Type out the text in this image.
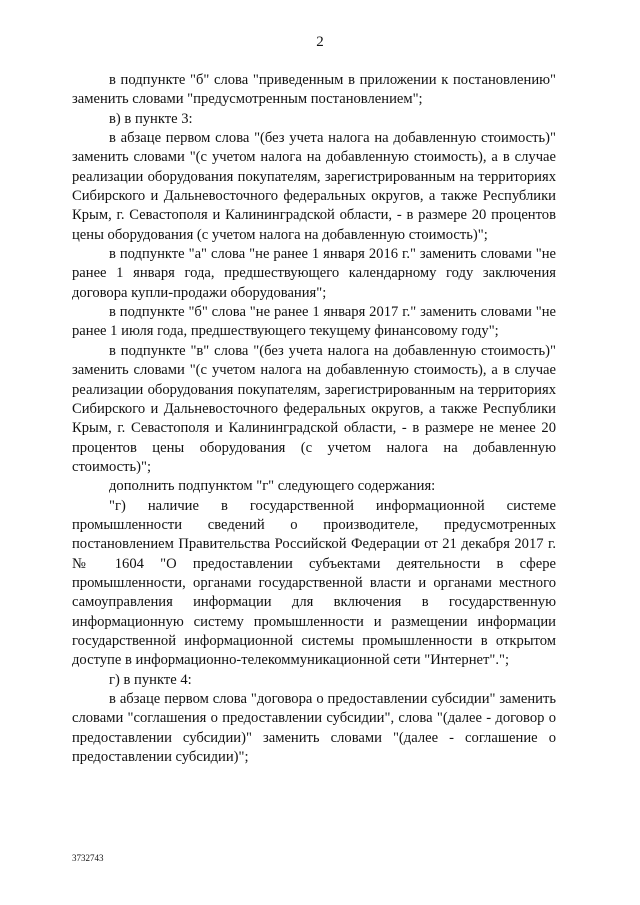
2

в подпункте "б" слова "приведенным в приложении к постановлению" заменить словами "предусмотренным постановлением";

в) в пункте 3:

в абзаце первом слова "(без учета налога на добавленную стоимость)" заменить словами "(с учетом налога на добавленную стоимость), а в случае реализации оборудования покупателям, зарегистрированным на территориях Сибирского и Дальневосточного федеральных округов, а также Республики Крым, г. Севастополя и Калининградской области, - в размере 20 процентов цены оборудования (с учетом налога на добавленную стоимость)";

в подпункте "а" слова "не ранее 1 января 2016 г." заменить словами "не ранее 1 января года, предшествующего календарному году заключения договора купли-продажи оборудования";

в подпункте "б" слова "не ранее 1 января 2017 г." заменить словами "не ранее 1 июля года, предшествующего текущему финансовому году";

в подпункте "в" слова "(без учета налога на добавленную стоимость)" заменить словами "(с учетом налога на добавленную стоимость), а в случае реализации оборудования покупателям, зарегистрированным на территориях Сибирского и Дальневосточного федеральных округов, а также Республики Крым, г. Севастополя и Калининградской области, - в размере не менее 20 процентов цены оборудования (с учетом налога на добавленную стоимость)";

дополнить подпунктом "г" следующего содержания:

"г) наличие в государственной информационной системе промышленности сведений о производителе, предусмотренных постановлением Правительства Российской Федерации от 21 декабря 2017 г. № 1604 "О предоставлении субъектами деятельности в сфере промышленности, органами государственной власти и органами местного самоуправления информации для включения в государственную информационную систему промышленности и размещении информации государственной информационной системы промышленности в открытом доступе в информационно-телекоммуникационной сети "Интернет".";

г) в пункте 4:

в абзаце первом слова "договора о предоставлении субсидии" заменить словами "соглашения о предоставлении субсидии", слова "(далее - договор о предоставлении субсидии)" заменить словами "(далее - соглашение о предоставлении субсидии)";

3732743
